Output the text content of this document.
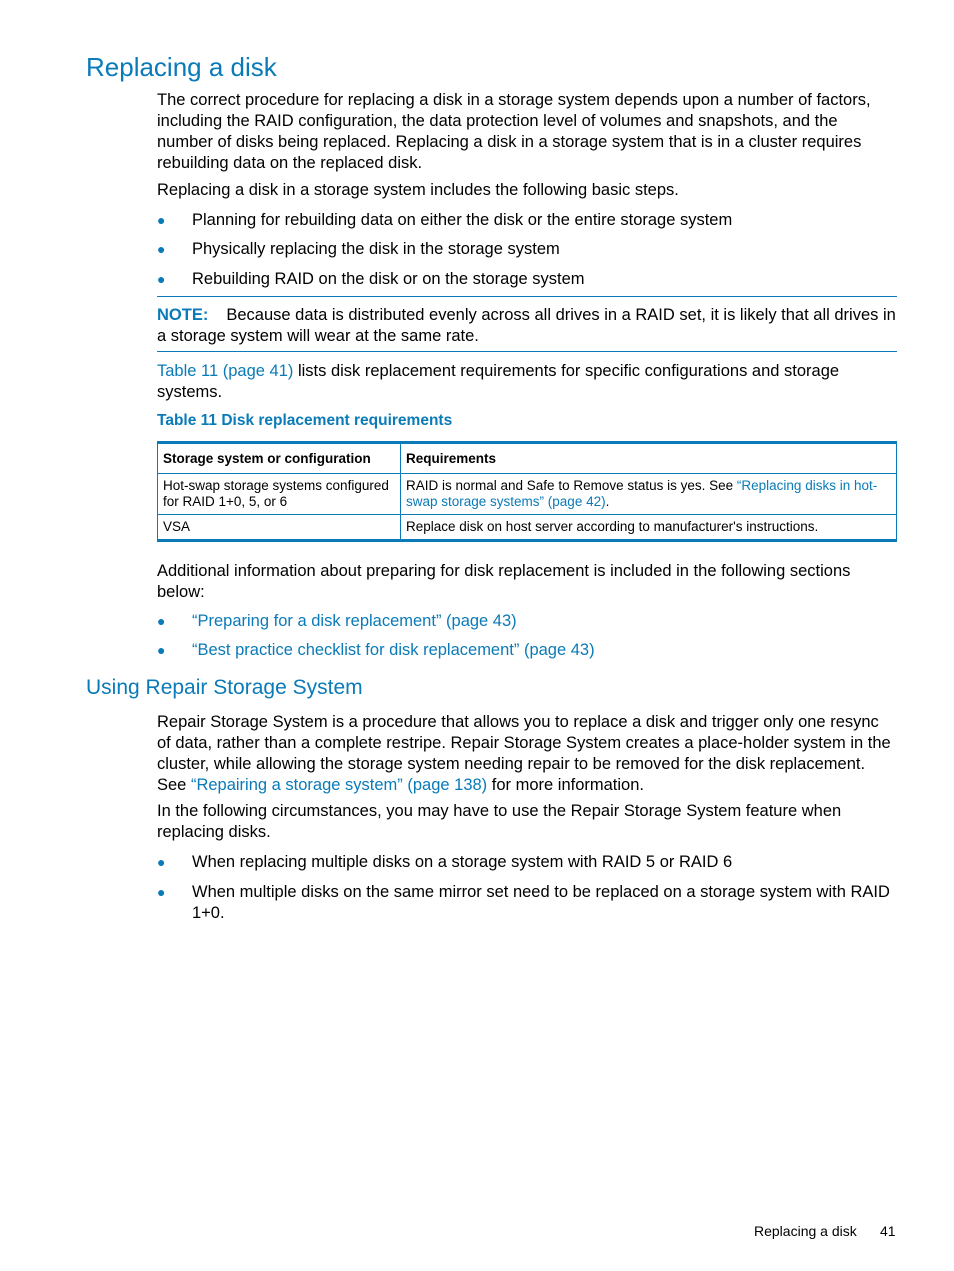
Replacing a disk

The correct procedure for replacing a disk in a storage system depends upon a number of factors, including the RAID configuration, the data protection level of volumes and snapshots, and the number of disks being replaced. Replacing a disk in a storage system that is in a cluster requires rebuilding data on the replaced disk.

Replacing a disk in a storage system includes the following basic steps.

● Planning for rebuilding data on either the disk or the entire storage system
● Physically replacing the disk in the storage system
● Rebuilding RAID on the disk or on the storage system
NOTE: Because data is distributed evenly across all drives in a RAID set, it is likely that all drives in a storage system will wear at the same rate.

Table 11 (page 41) lists disk replacement requirements for specific configurations and storage systems.

Table 11 Disk replacement requirements
Storage system or configuration	Requirements
Hot-swap storage systems configured for RAID 1+0, 5, or 6	RAID is normal and Safe to Remove status is yes. See “Replacing disks in hot-swap storage systems” (page 42).
VSA	Replace disk on host server according to manufacturer's instructions.

Additional information about preparing for disk replacement is included in the following sections below:

● “Preparing for a disk replacement” (page 43)
● “Best practice checklist for disk replacement” (page 43)
Using Repair Storage System

Repair Storage System is a procedure that allows you to replace a disk and trigger only one resync of data, rather than a complete restripe. Repair Storage System creates a place-holder system in the cluster, while allowing the storage system needing repair to be removed for the disk replacement. See “Repairing a storage system” (page 138) for more information.

In the following circumstances, you may have to use the Repair Storage System feature when replacing disks.

● When replacing multiple disks on a storage system with RAID 5 or RAID 6
● When multiple disks on the same mirror set need to be replaced on a storage system with RAID 1+0.
Replacing a disk 41
